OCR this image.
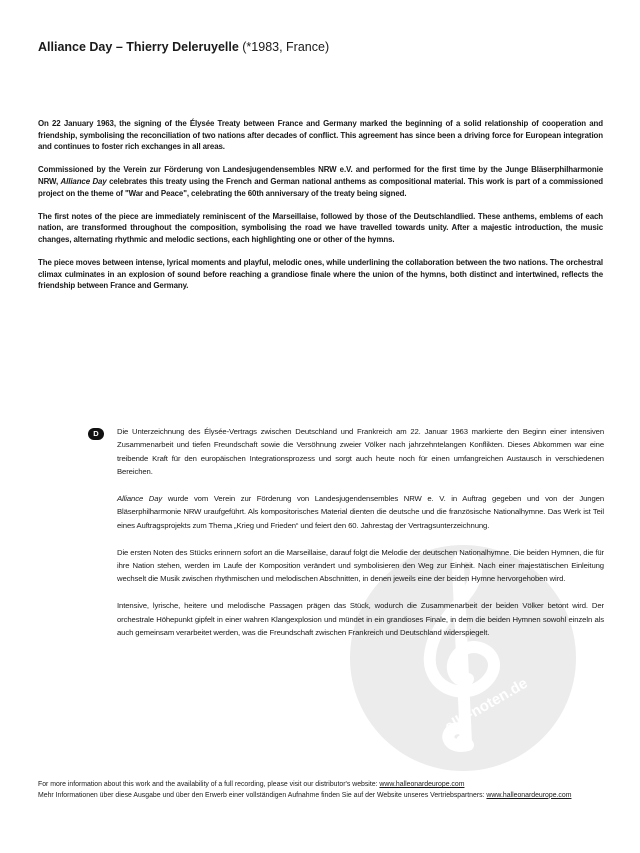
Alliance Day – Thierry Deleruyelle (*1983, France)

On 22 January 1963, the signing of the Élysée Treaty between France and Germany marked the beginning of a solid relationship of cooperation and friendship, symbolising the reconciliation of two nations after decades of conflict. This agreement has since been a driving force for European integration and continues to foster rich exchanges in all areas.

Commissioned by the Verein zur Förderung von Landesjugendensembles NRW e.V. and performed for the first time by the Junge Bläserphilharmonie NRW, Alliance Day celebrates this treaty using the French and German national anthems as compositional material. This work is part of a commissioned project on the theme of "War and Peace", celebrating the 60th anniversary of the treaty being signed.

The first notes of the piece are immediately reminiscent of the Marseillaise, followed by those of the Deutschlandlied. These anthems, emblems of each nation, are transformed throughout the composition, symbolising the road we have travelled towards unity. After a majestic introduction, the music changes, alternating rhythmic and melodic sections, each highlighting one or other of the hymns.

The piece moves between intense, lyrical moments and playful, melodic ones, while underlining the collaboration between the two nations. The orchestral climax culminates in an explosion of sound before reaching a grandiose finale where the union of the hymns, both distinct and intertwined, reflects the friendship between France and Germany.

alle-noten.de
D	Die Unterzeichnung des Élysée-Vertrags zwischen Deutschland und Frankreich am 22. Januar 1963 markierte den Beginn einer intensiven Zusammenarbeit und tiefen Freundschaft sowie die Versöhnung zweier Völker nach jahrzehntelangen Konflikten. Dieses Abkommen war eine treibende Kraft für den europäischen Integrationsprozess und sorgt auch heute noch für einen umfangreichen Austausch in verschiedenen Bereichen.

Alliance Day wurde vom Verein zur Förderung von Landesjugendensembles NRW e. V. in Auftrag gegeben und von der Jungen Bläserphilharmonie NRW uraufgeführt. Als kompositorisches Material dienten die deutsche und die französische Nationalhymne. Das Werk ist Teil eines Auftragsprojekts zum Thema „Krieg und Frieden“ und feiert den 60. Jahrestag der Vertragsunterzeichnung.

Die ersten Noten des Stücks erinnern sofort an die Marseillaise, darauf folgt die Melodie der deutschen Nationalhymne. Die beiden Hymnen, die für ihre Nation stehen, werden im Laufe der Komposition verändert und symbolisieren den Weg zur Einheit. Nach einer majestätischen Einleitung wechselt die Musik zwischen rhythmischen und melodischen Abschnitten, in denen jeweils eine der beiden Hymne hervorgehoben wird.

Intensive, lyrische, heitere und melodische Passagen prägen das Stück, wodurch die Zusammenarbeit der beiden Völker betont wird. Der orchestrale Höhepunkt gipfelt in einer wahren Klangexplosion und mündet in ein grandioses Finale, in dem die beiden Hymnen sowohl einzeln als auch gemeinsam verarbeitet werden, was die Freundschaft zwischen Frankreich und Deutschland widerspiegelt.

For more information about this work and the availability of a full recording, please visit our distributor's website: www.halleonardeurope.com

Mehr Informationen über diese Ausgabe und über den Erwerb einer vollständigen Aufnahme finden Sie auf der Website unseres Vertriebspartners: www.halleonardeurope.com
